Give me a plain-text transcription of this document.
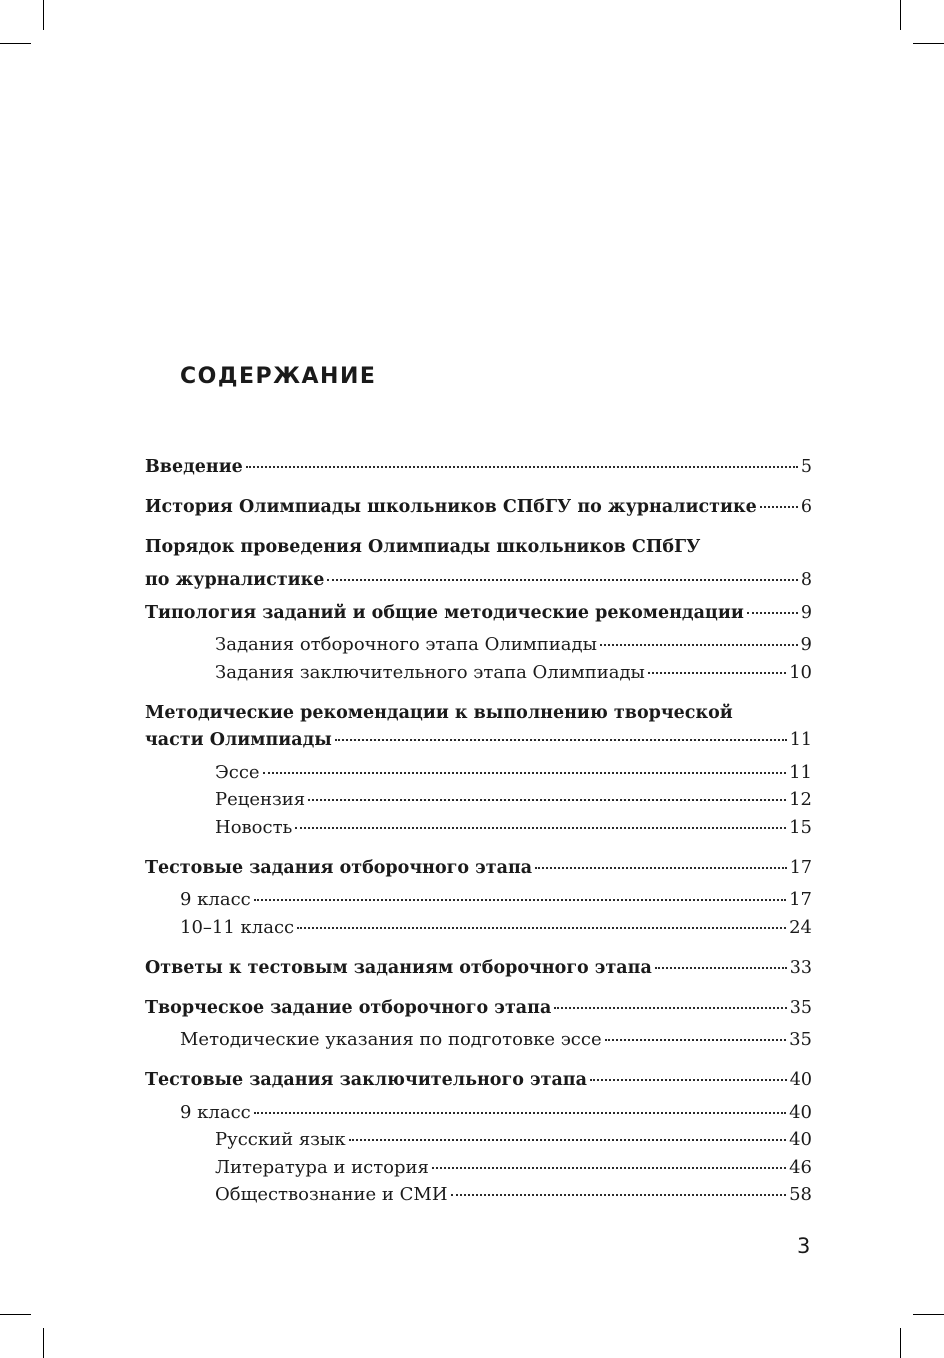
СОДЕРЖАНИЕ
Введение	5
История Олимпиады школьников СПбГУ по журналистике	6
Порядок проведения Олимпиады школьников СПбГУ
по журналистике	8
Типология заданий и общие методические рекомендации	9
Задания отборочного этапа Олимпиады	9
Задания заключительного этапа Олимпиады	10
Методические рекомендации к выполнению творческой
части Олимпиады	11
Эссе	11
Рецензия	12
Новость	15
Тестовые задания отборочного этапа	17
9 класс	17
10–11 класс	24
Ответы к тестовым заданиям отборочного этапа	33
Творческое задание отборочного этапа	35
Методические указания по подготовке эссе	35
Тестовые задания заключительного этапа	40
9 класс	40
Русский язык	40
Литература и история	46
Обществознание и СМИ	58
3
